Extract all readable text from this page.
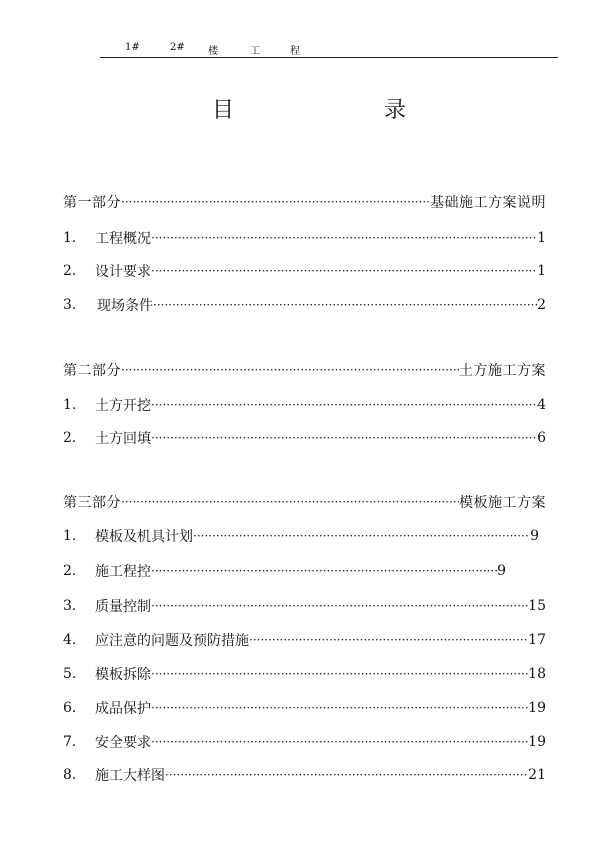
1#	2# 楼	工	程
目	录
第一部分 ·····	基础施工方案说明
1.	工程概况 ·····	1
2.	设计要求 ·····	1
3.	现场条件 ·····	2
第二部分 ·····	土方施工方案
1.	土方开挖 ·····	4
2.	土方回填 ·····	6
第三部分 ·····	模板施工方案
1.	模板及机具计划 ·····	9
2.	施工程控 ·····	9
3.	质量控制 ·····	15
4.	应注意的问题及预防措施 ·····	17
5.	模板拆除 ·····	18
6.	成品保护 ·····	19
7.	安全要求 ·····	19
8.	施工大样图 ·····	21
